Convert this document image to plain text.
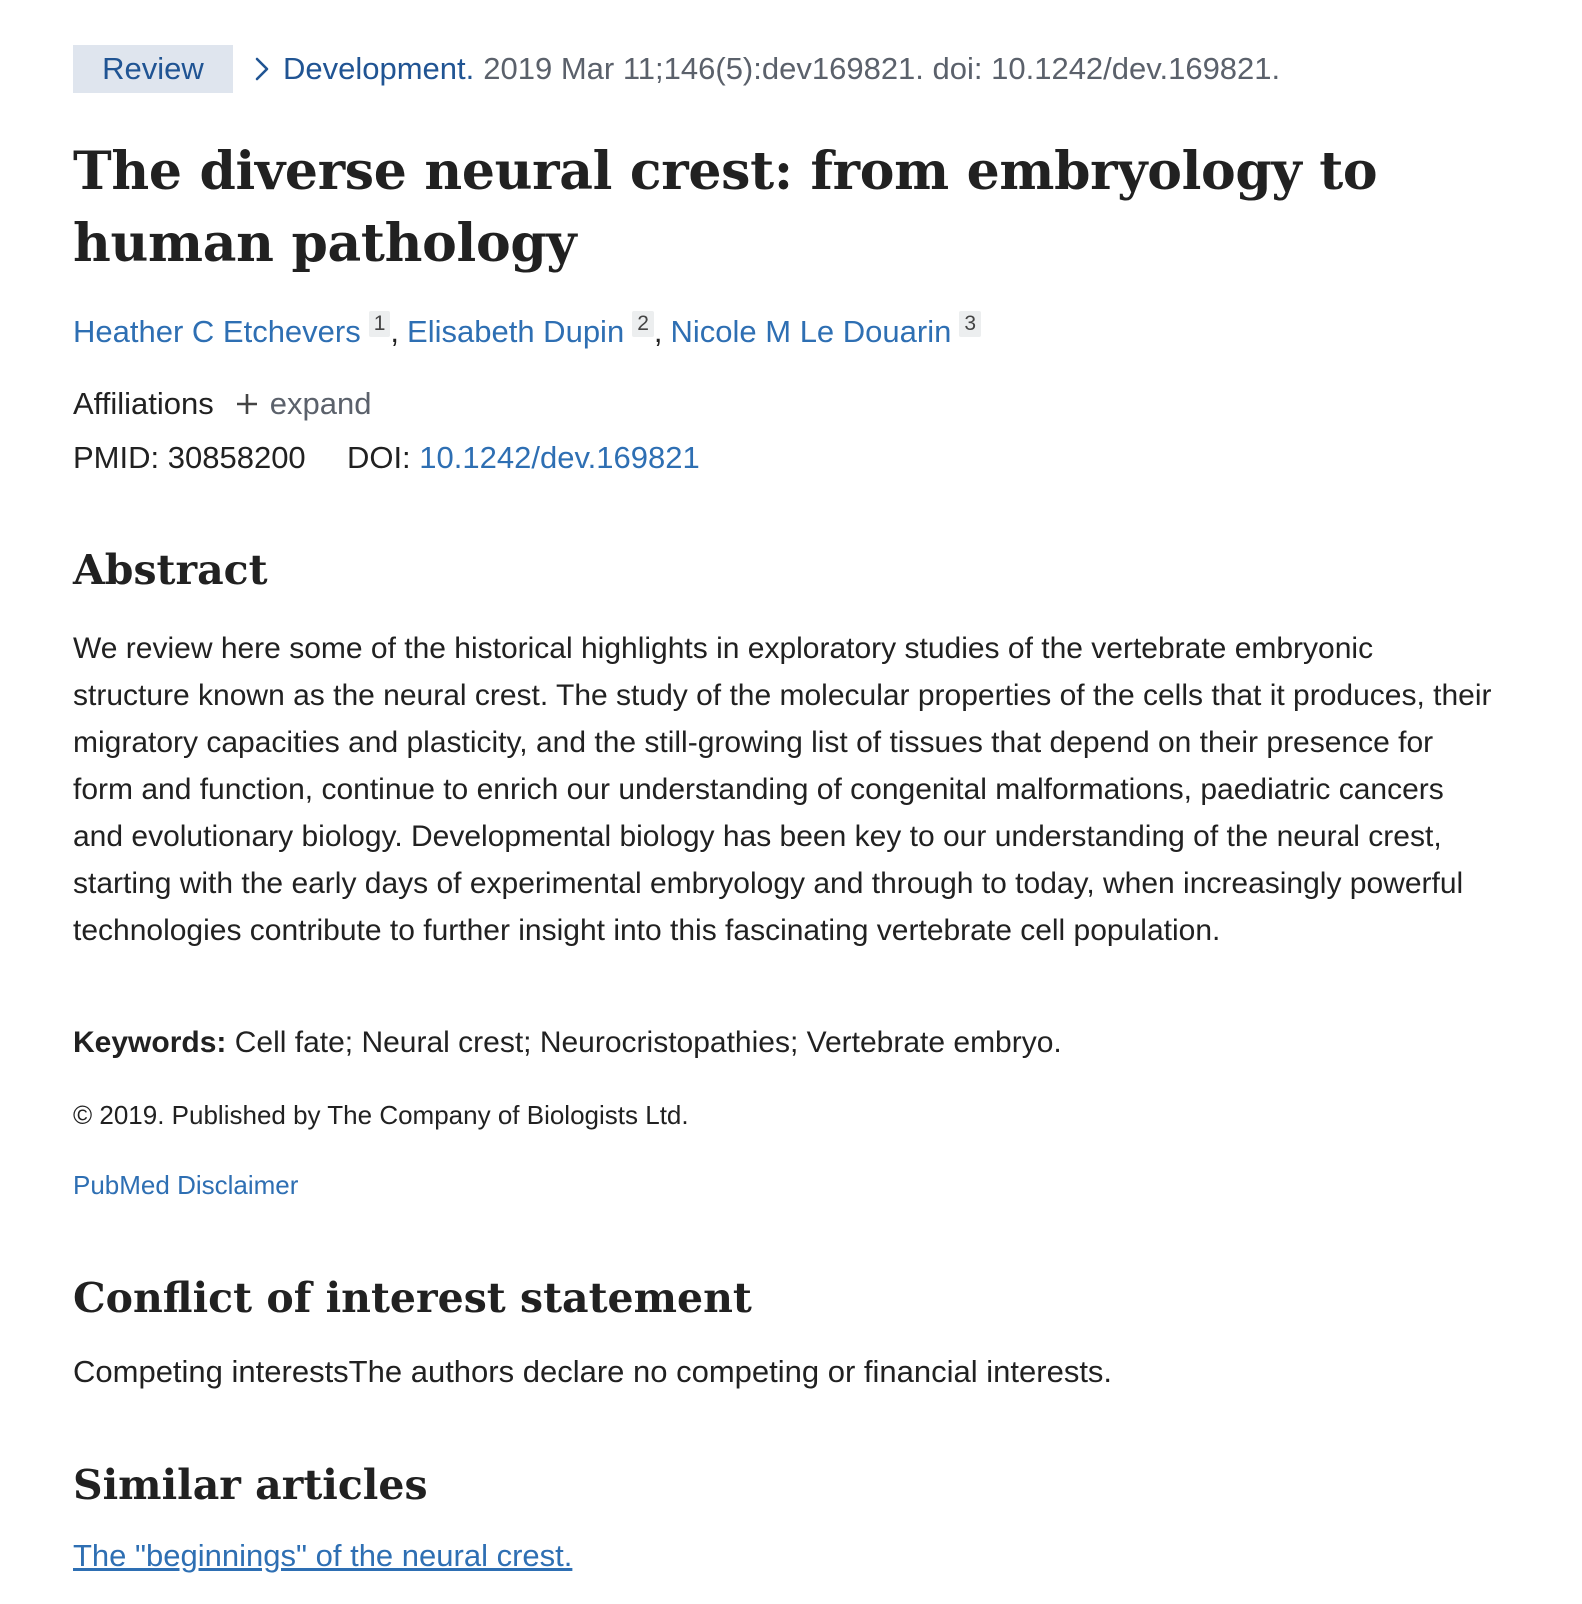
Review	Development. 2019 Mar 11;146(5):dev169821. doi: 10.1242/dev.169821.
The diverse neural crest: from embryology to human pathology
Heather C Etchevers 1 , Elisabeth Dupin 2 , Nicole M Le Douarin 3
Affiliations expand
PMID: 30858200 DOI: 10.1242/dev.169821
Abstract

We review here some of the historical highlights in exploratory studies of the vertebrate embryonic structure known as the neural crest. The study of the molecular properties of the cells that it produces, their migratory capacities and plasticity, and the still-growing list of tissues that depend on their presence for form and function, continue to enrich our understanding of congenital malformations, paediatric cancers and evolutionary biology. Developmental biology has been key to our understanding of the neural crest, starting with the early days of experimental embryology and through to today, when increasingly powerful technologies contribute to further insight into this fascinating vertebrate cell population.

Keywords: Cell fate; Neural crest; Neurocristopathies; Vertebrate embryo.
© 2019. Published by The Company of Biologists Ltd.
PubMed Disclaimer
Conflict of interest statement
Competing interestsThe authors declare no competing or financial interests.
Similar articles
The "beginnings" of the neural crest.
